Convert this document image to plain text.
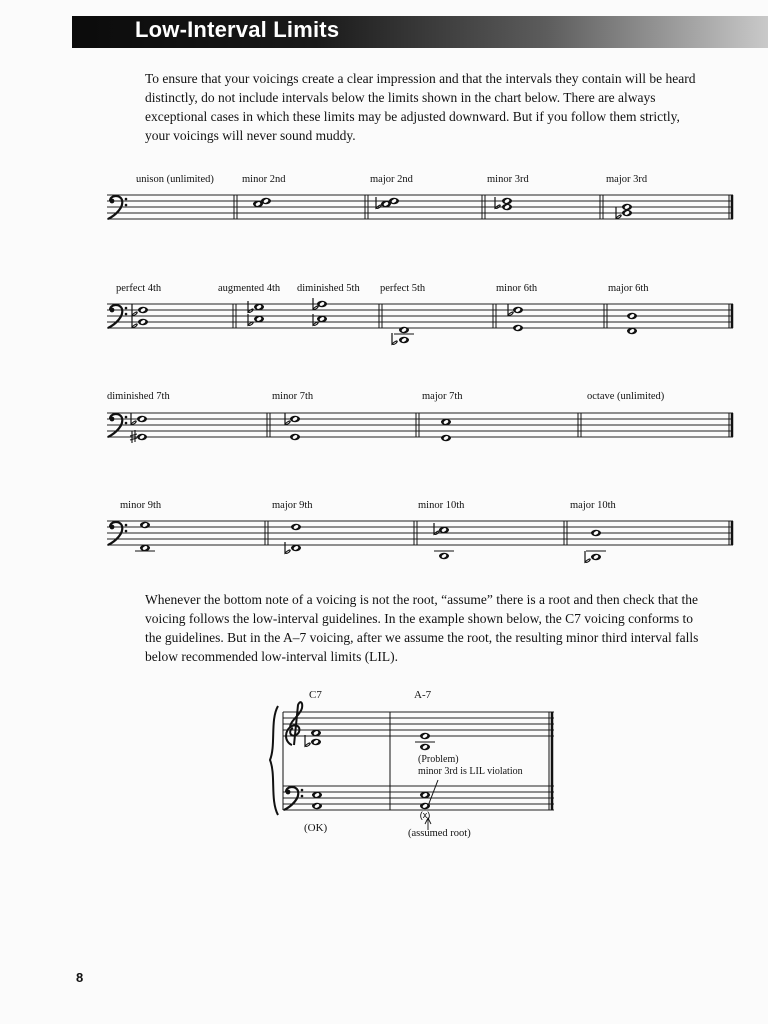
Low-Interval Limits

To ensure that your voicings create a clear impression and that the intervals they contain will be heard distinctly, do not include intervals below the limits shown in the chart below. There are always exceptional cases in which these limits may be adjusted downward. But if you follow them strictly, your voicings will never sound muddy.

unison (unlimited)	minor 2nd	major 2nd	minor 3rd	major 3rd
perfect 4th	augmented 4th diminished 5th perfect 5th	minor 6th	major 6th
diminished 7th	minor 7th	major 7th	octave (unlimited)
minor 9th	major 9th	minor 10th	major 10th
(x)

Whenever the bottom note of a voicing is not the root, “assume” there is a root and then check that the voicing follows the low-interval guidelines. In the example shown below, the C7 voicing conforms to the guidelines. But in the A–7 voicing, after we assume the root, the resulting minor third interval falls below recommended low-interval limits (LIL).

C7	A-7
(Problem)
minor 3rd is LIL violation
(OK)	(assumed root)
8
